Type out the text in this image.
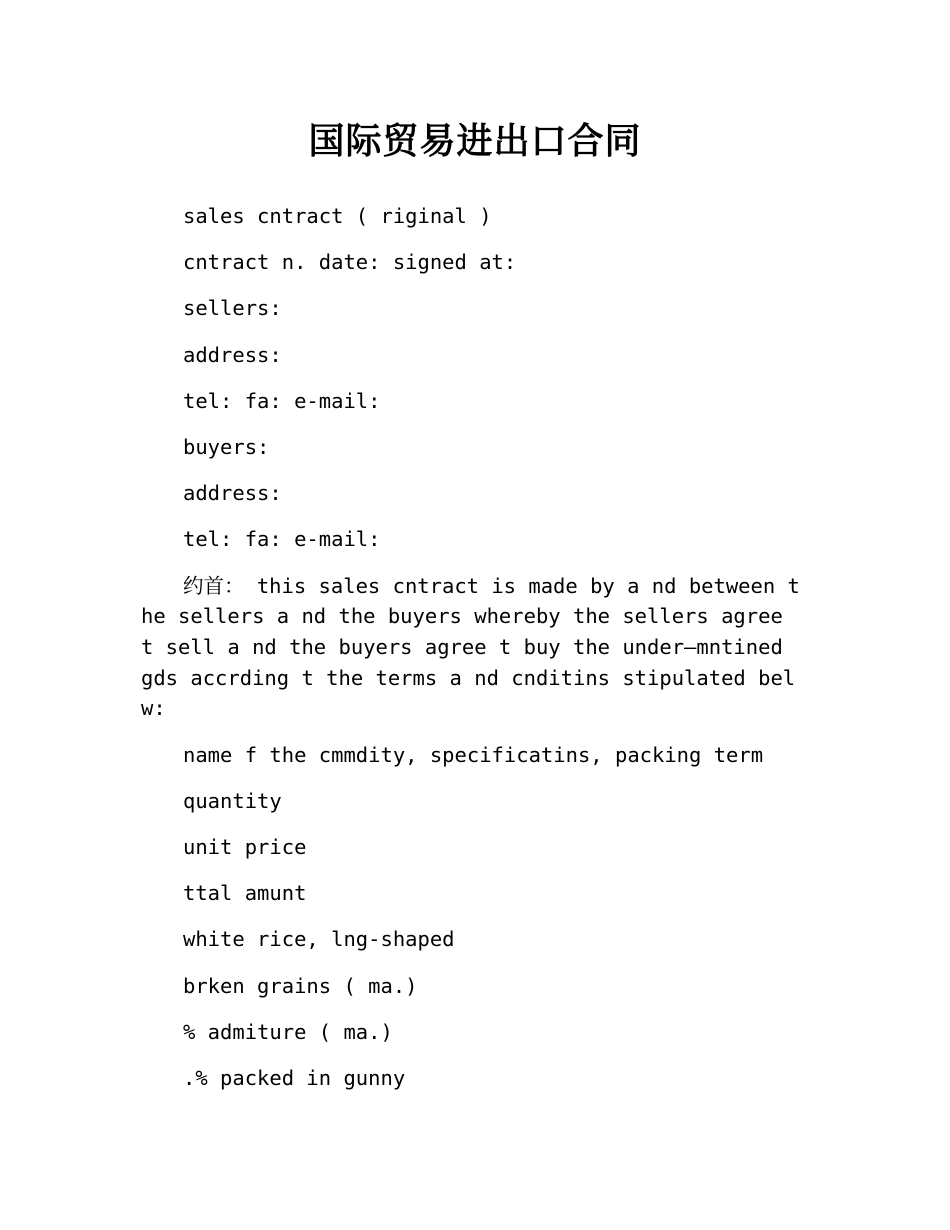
国际贸易进出口合同

sales cntract ( riginal )

cntract n. date: signed at:

sellers:

address:

tel: fa: e-mail:

buyers:

address:

tel: fa: e-mail:

约首： this sales cntract is made by a nd between the sellers a nd the buyers whereby the sellers agree t sell a nd the buyers agree t buy the under—mntined gds accrding t the terms a nd cnditins stipulated belw:

name f the cmmdity, specificatins, packing term

quantity

unit price

ttal amunt

white rice, lng-shaped

brken grains ( ma.)

% admiture ( ma.)

.% packed in gunny
